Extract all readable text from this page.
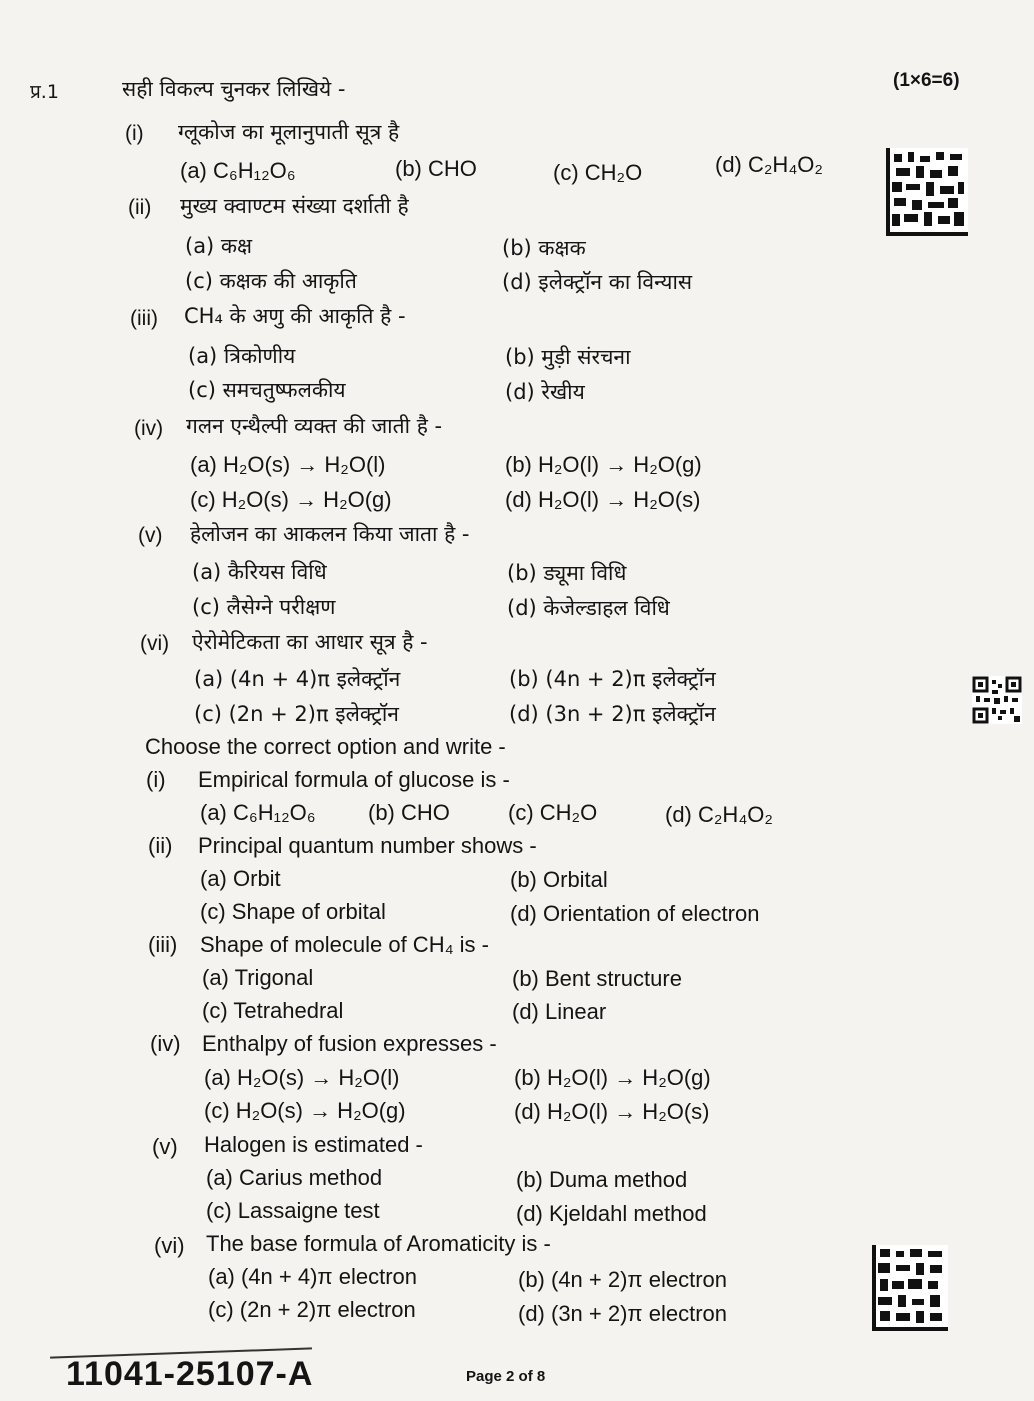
प्र.1	सही विकल्प चुनकर लिखिये -	(1×6=6)
(i) ग्लूकोज का मूलानुपाती सूत्र है
(a) C₆H₁₂O₆	(b) CHO	(c) CH₂O	(d) C₂H₄O₂
(ii) मुख्य क्वाण्टम संख्या दर्शाती है
(a) कक्ष	(b) कक्षक
(c) कक्षक की आकृति	(d) इलेक्ट्रॉन का विन्यास
(iii) CH₄ के अणु की आकृति है -
(a) त्रिकोणीय	(b) मुड़ी संरचना
(c) समचतुष्फलकीय	(d) रेखीय
(iv) गलन एन्थैल्पी व्यक्त की जाती है -
(a) H₂O(s) → H₂O(l)	(b) H₂O(l) → H₂O(g)
(c) H₂O(s) → H₂O(g)	(d) H₂O(l) → H₂O(s)
(v) हेलोजन का आकलन किया जाता है -
(a) कैरियस विधि	(b) ड्यूमा विधि
(c) लैसेग्ने परीक्षण	(d) केजेल्डाहल विधि
(vi) ऐरोमेटिकता का आधार सूत्र है -
(a) (4n + 4)π इलेक्ट्रॉन	(b) (4n + 2)π इलेक्ट्रॉन
(c) (2n + 2)π इलेक्ट्रॉन	(d) (3n + 2)π इलेक्ट्रॉन
Choose the correct option and write -
(i) Empirical formula of glucose is -
(a) C₆H₁₂O₆ (b) CHO	(c) CH₂O	(d) C₂H₄O₂
(ii) Principal quantum number shows -
(a) Orbit	(b) Orbital
(c) Shape of orbital	(d) Orientation of electron
(iii) Shape of molecule of CH₄ is -
(a) Trigonal	(b) Bent structure
(c) Tetrahedral	(d) Linear
(iv) Enthalpy of fusion expresses -
(a) H₂O(s) → H₂O(l)	(b) H₂O(l) → H₂O(g)
(c) H₂O(s) → H₂O(g)	(d) H₂O(l) → H₂O(s)
(v) Halogen is estimated -
(a) Carius method	(b) Duma method
(c) Lassaigne test	(d) Kjeldahl method
(vi) The base formula of Aromaticity is -
(a) (4n + 4)π electron	(b) (4n + 2)π electron
(c) (2n + 2)π electron	(d) (3n + 2)π electron
11041-25107-A	Page 2 of 8
